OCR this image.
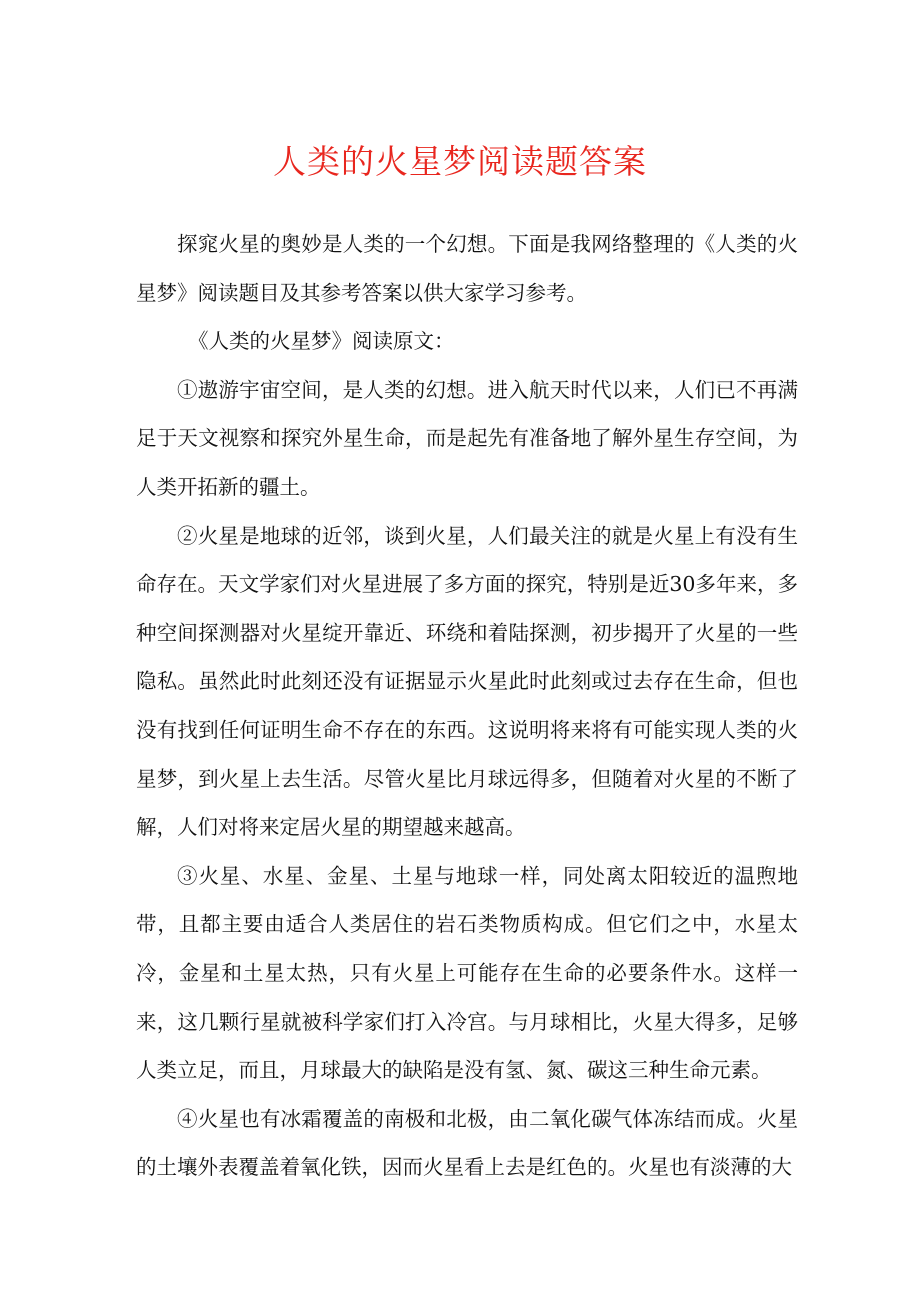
人类的火星梦阅读题答案

探窕火星的奥妙是人类的一个幻想。下面是我网络整理的《人类的火星梦》阅读题目及其参考答案以供大家学习参考。

《人类的火星梦》阅读原文：

①遨游宇宙空间，是人类的幻想。进入航天时代以来，人们已不再满足于天文视察和探究外星生命，而是起先有准备地了解外星生存空间，为人类开拓新的疆土。

②火星是地球的近邻，谈到火星，人们最关注的就是火星上有没有生命存在。天文学家们对火星进展了多方面的探究，特别是近30多年来，多种空间探测器对火星绽开靠近、环绕和着陆探测，初步揭开了火星的一些隐私。虽然此时此刻还没有证据显示火星此时此刻或过去存在生命，但也没有找到任何证明生命不存在的东西。这说明将来将有可能实现人类的火星梦，到火星上去生活。尽管火星比月球远得多，但随着对火星的不断了解，人们对将来定居火星的期望越来越高。

③火星、水星、金星、土星与地球一样，同处离太阳较近的温煦地带，且都主要由适合人类居住的岩石类物质构成。但它们之中，水星太冷，金星和土星太热，只有火星上可能存在生命的必要条件水。这样一来，这几颗行星就被科学家们打入冷宫。与月球相比，火星大得多，足够人类立足，而且，月球最大的缺陷是没有氢、氮、碳这三种生命元素。

④火星也有冰霜覆盖的南极和北极，由二氧化碳气体冻结而成。火星的土壤外表覆盖着氧化铁，因而火星看上去是红色的。火星也有淡薄的大
